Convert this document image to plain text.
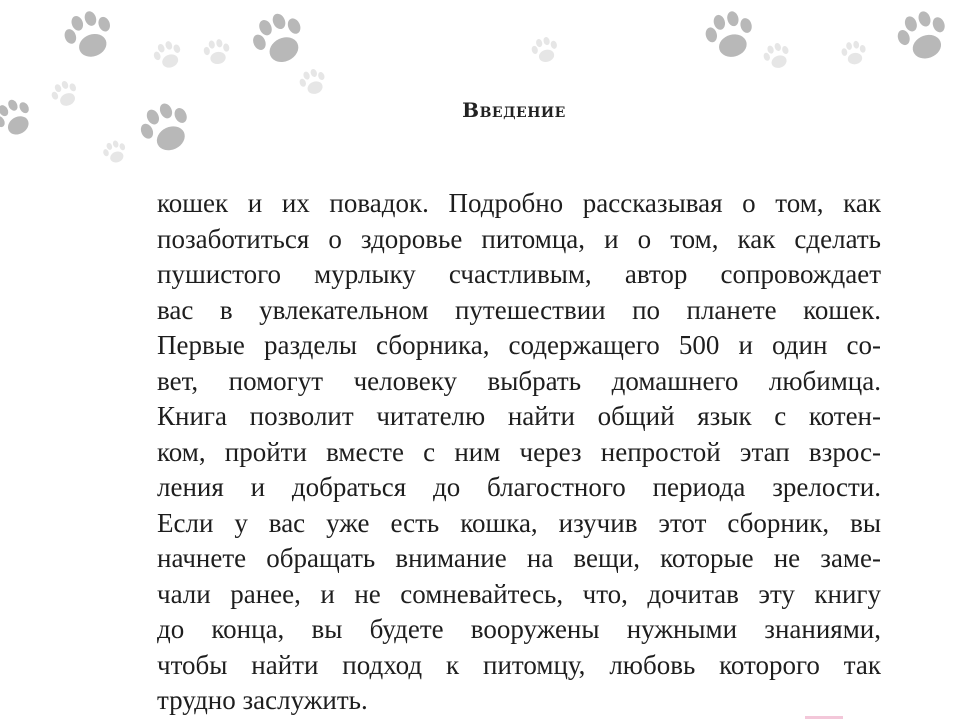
Введение
кошек и их повадок. Подробно рассказывая о том, как
позаботиться о здоровье питомца, и о том, как сделать
пушистого мурлыку счастливым, автор сопровождает
вас в увлекательном путешествии по планете кошек.
Первые разделы сборника, содержащего 500 и один со-
вет, помогут человеку выбрать домашнего любимца.
Книга позволит читателю найти общий язык с котен-
ком, пройти вместе с ним через непростой этап взрос-
ления и добраться до благостного периода зрелости.
Если у вас уже есть кошка, изучив этот сборник, вы
начнете обращать внимание на вещи, которые не заме-
чали ранее, и не сомневайтесь, что, дочитав эту книгу
до конца, вы будете вооружены нужными знаниями,
чтобы найти подход к питомцу, любовь которого так
трудно заслужить.
